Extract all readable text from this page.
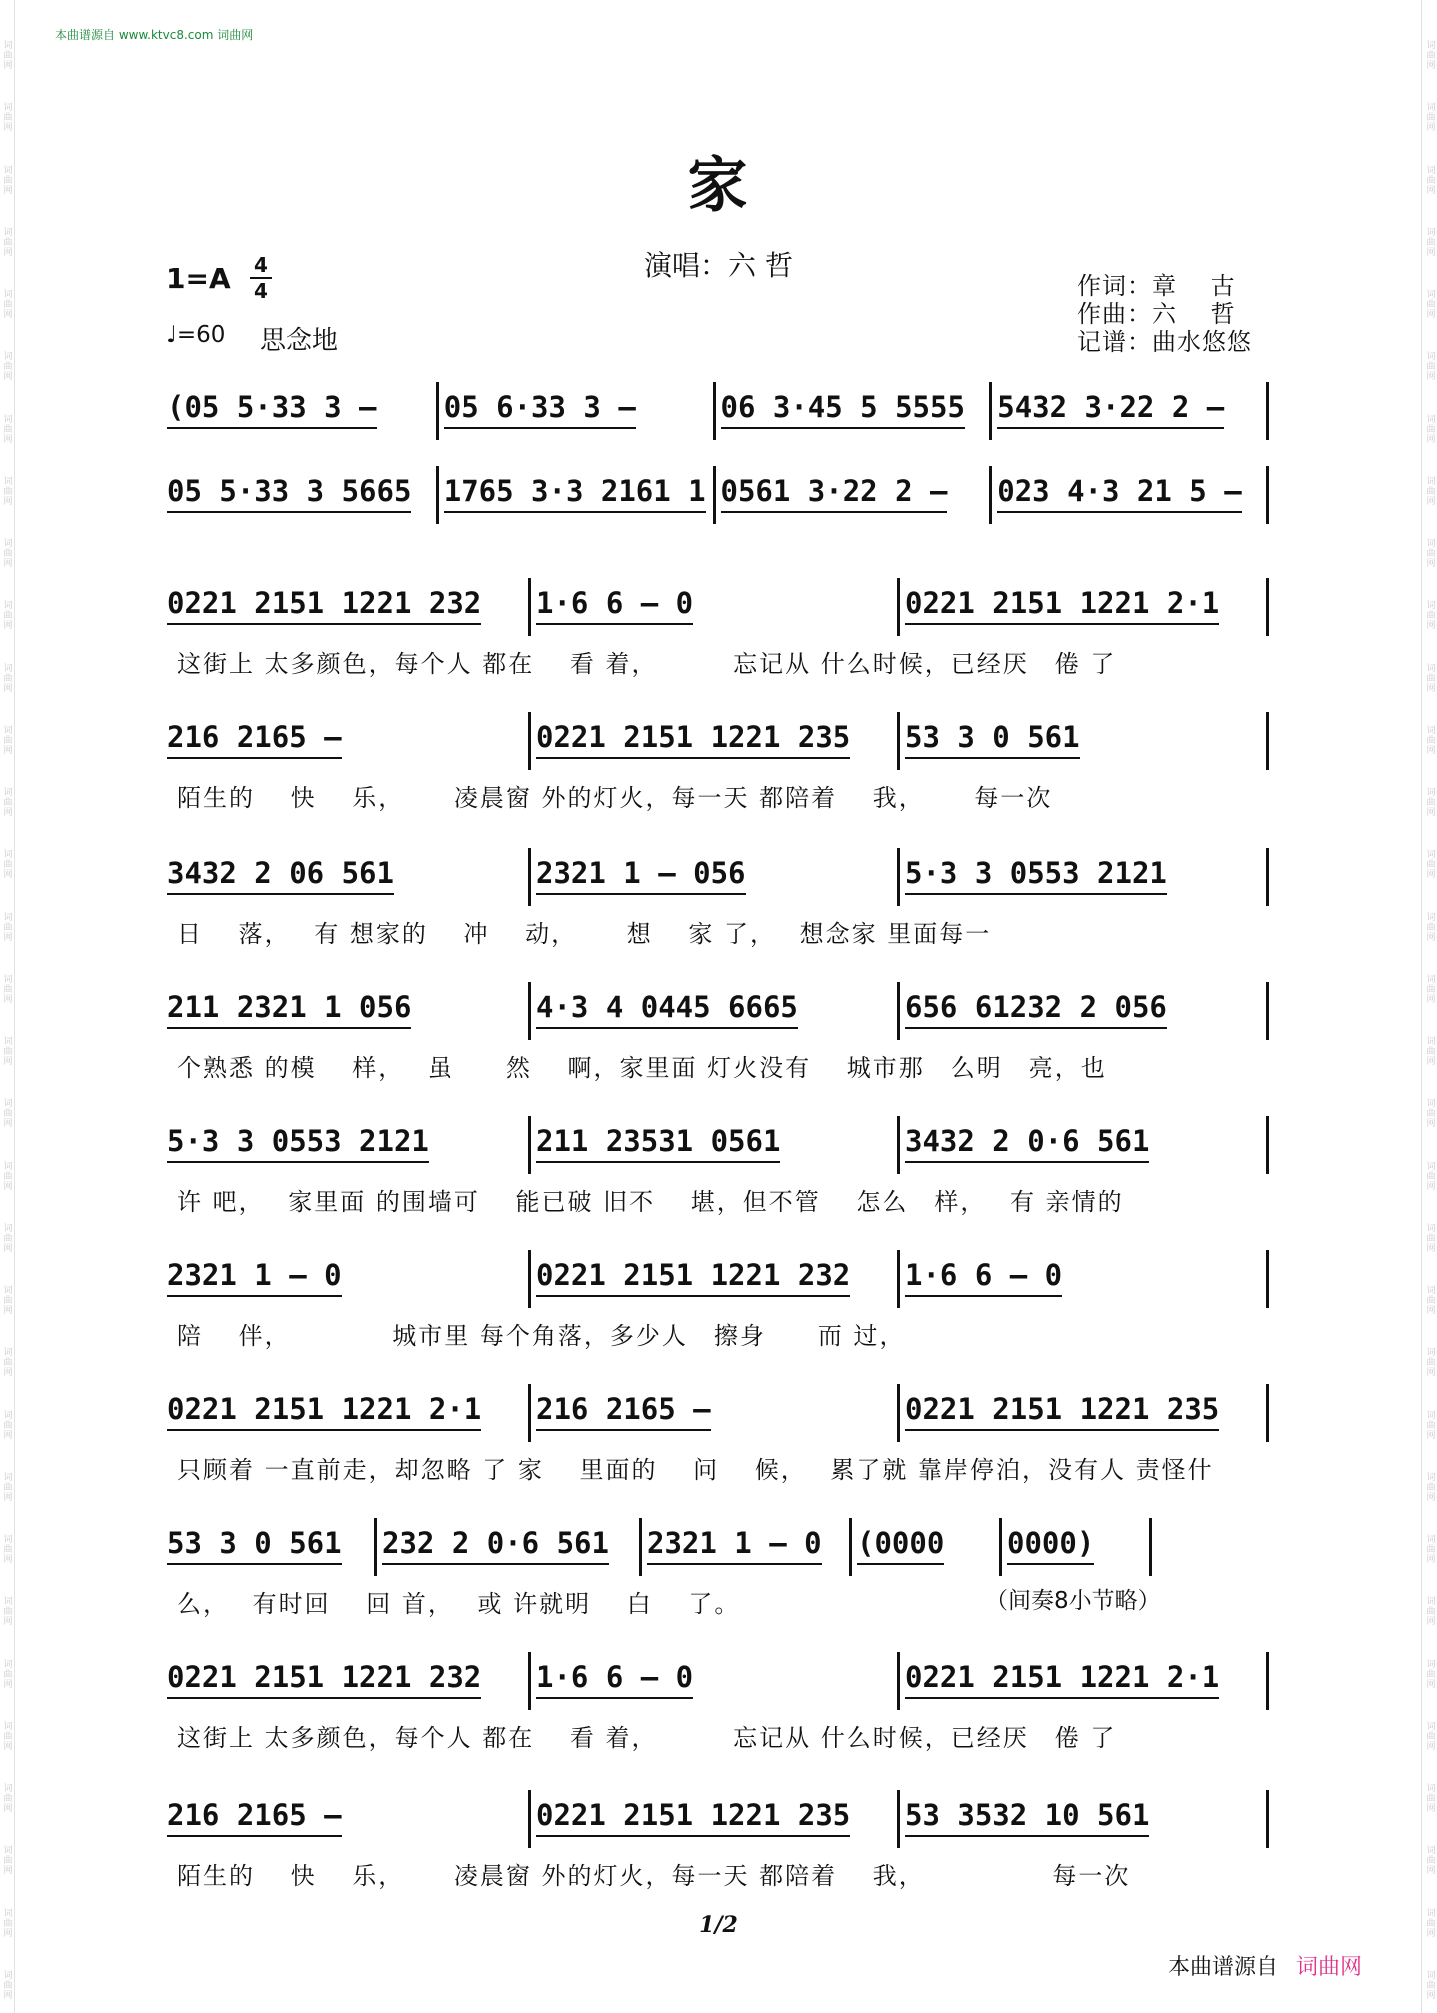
词曲网
词曲网
词曲网
词曲网
词曲网
词曲网
词曲网
词曲网
词曲网
词曲网
词曲网
词曲网
词曲网
词曲网
词曲网
词曲网
词曲网
词曲网
词曲网
词曲网
词曲网
词曲网
词曲网
词曲网
词曲网
词曲网
词曲网
词曲网
词曲网
词曲网
词曲网
词曲网
词曲网
词曲网
词曲网
词曲网
词曲网
词曲网
词曲网
词曲网
词曲网
词曲网
词曲网
词曲网
词曲网
词曲网
词曲网
词曲网
词曲网
词曲网
词曲网
词曲网
词曲网
词曲网
词曲网
词曲网
词曲网
词曲网
词曲网
词曲网
词曲网
词曲网
词曲网
词曲网
本曲谱源自 www.ktvc8.com 词曲网
家
演唱：六 哲
1=A	4
4
♩=60 思念地
作词：章　 古
作曲：六　 哲
记谱：曲水悠悠
(05 5·33 3 – 05 6·33 3 –	06 3·45 5 5555 5432 3·22 2 –
05 5·33 3 5665 1765 3·3 2161 1 0561 3·22 2 – 023 4·3 21 5 –
0221 2151 1221 232 1·6 6 – 0	0221 2151 1221 2·1
这街上 太多颜色，每个人 都在　 看 着，　　　 忘记从 什么时候，已经厌　倦 了
216 2165 –	0221 2151 1221 235 53 3 0 561
陌生的　 快　 乐，　　 凌晨窗 外的灯火，每一天 都陪着　 我，　　 每一次
3432 2 06 561	2321 1 – 056	5·3 3 0553 2121
日　 落，　 有 想家的　 冲　 动，　　 想　 家 了，　 想念家 里面每一
211 2321 1 056	4·3 4 0445 6665	656 61232 2 056
个熟悉 的模　 样，　 虽　　然　 啊，家里面 灯火没有　 城市那　么明　亮，也
5·3 3 0553 2121	211 23531 0561	3432 2 0·6 561
许 吧，　 家里面 的围墙可　 能已破 旧不　 堪，但不管　 怎么　样，　 有 亲情的
2321 1 – 0	0221 2151 1221 232 1·6 6 – 0
陪　 伴，　　　　 城市里 每个角落，多少人　擦身　　而 过，
0221 2151 1221 2·1 216 2165 –	0221 2151 1221 235
只顾着 一直前走，却忽略 了 家　 里面的　 问　 候，　 累了就 靠岸停泊，没有人 责怪什
53 3 0 561 232 2 0·6 561 2321 1 – 0 (0000 0000)
么，　 有时回　 回 首，　 或 许就明　 白　 了。
0221 2151 1221 232 1·6 6 – 0	0221 2151 1221 2·1
这街上 太多颜色，每个人 都在　 看 着，　　　 忘记从 什么时候，已经厌　倦 了
216 2165 –	0221 2151 1221 235 53 3532 10 561
陌生的　 快　 乐，　　 凌晨窗 外的灯火，每一天 都陪着　 我，　　　　　 每一次
（间奏8小节略）
1/2
本曲谱源自 词曲网
